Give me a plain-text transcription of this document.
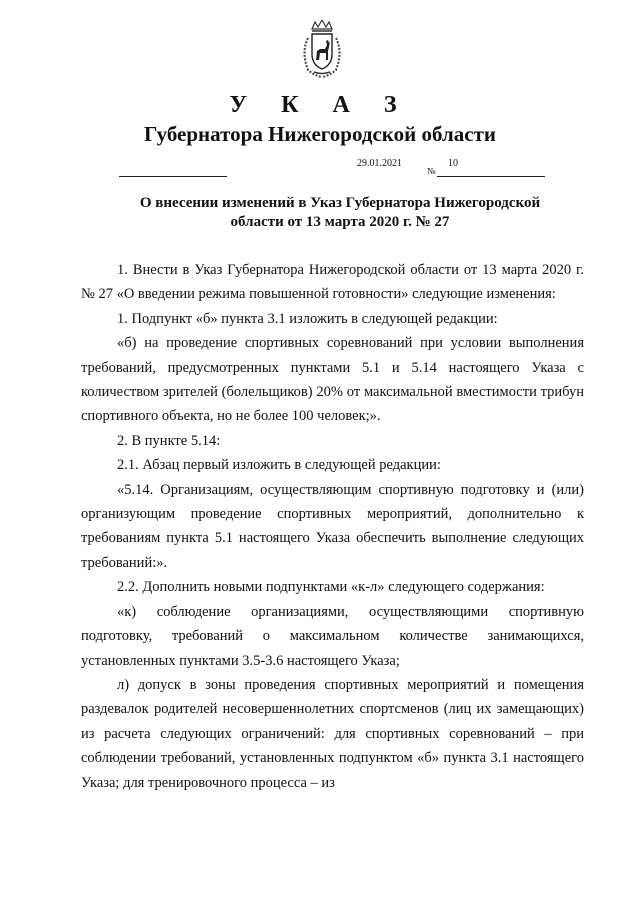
У К А З
Губернатора Нижегородской области
29.01.2021
№
10
О внесении изменений в Указ Губернатора Нижегородской
области от 13 марта 2020 г. № 27

1. Внести в Указ Губернатора Нижегородской области от 13 марта 2020 г. № 27 «О введении режима повышенной готовности» следующие изменения:

1. Подпункт «б» пункта 3.1 изложить в следующей редакции:

«б) на проведение спортивных соревнований при условии выполнения требований, предусмотренных пунктами 5.1 и 5.14 настоящего Указа с количеством зрителей (болельщиков) 20% от максимальной вместимости трибун спортивного объекта, но не более 100 человек;».

2. В пункте 5.14:

2.1. Абзац первый изложить в следующей редакции:

«5.14. Организациям, осуществляющим спортивную подготовку и (или) организующим проведение спортивных мероприятий, дополнительно к требованиям пункта 5.1 настоящего Указа обеспечить выполнение следующих требований:».

2.2. Дополнить новыми подпунктами «к-л» следующего содержания:

«к) соблюдение организациями, осуществляющими спортивную подготовку, требований о максимальном количестве занимающихся, установленных пунктами 3.5-3.6 настоящего Указа;

л) допуск в зоны проведения спортивных мероприятий и помещения раздевалок родителей несовершеннолетних спортсменов (лиц их замещающих) из расчета следующих ограничений: для спортивных соревнований – при соблюдении требований, установленных подпунктом «б» пункта 3.1 настоящего Указа; для тренировочного процесса – из
